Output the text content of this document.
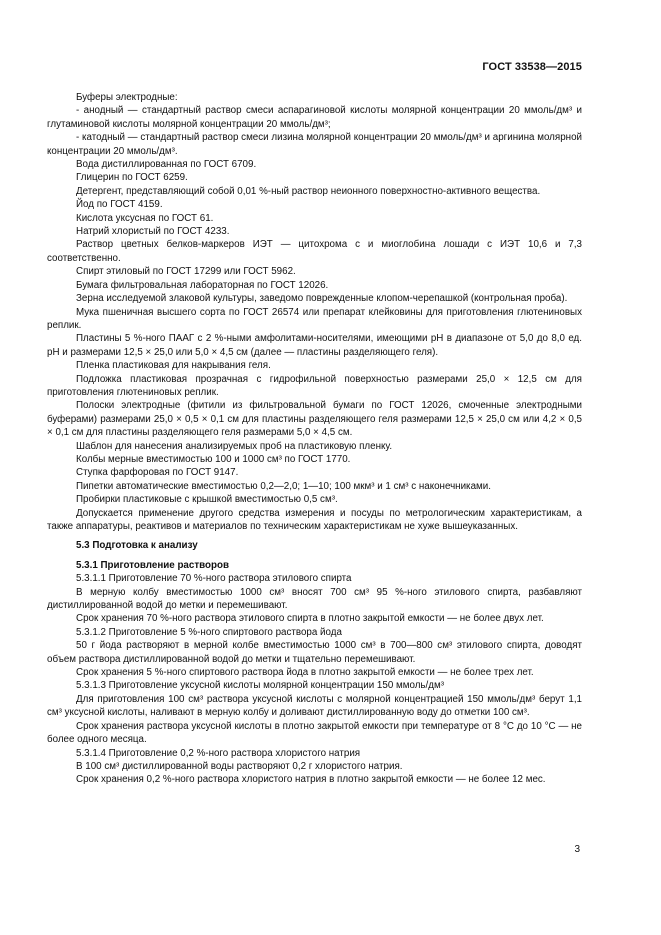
ГОСТ 33538—2015

Буферы электродные:

- анодный — стандартный раствор смеси аспарагиновой кислоты молярной концентрации 20 ммоль/дм³ и глутаминовой кислоты молярной концентрации 20 ммоль/дм³;

- катодный — стандартный раствор смеси лизина молярной концентрации 20 ммоль/дм³ и аргинина молярной концентрации 20 ммоль/дм³.

Вода дистиллированная по ГОСТ 6709.

Глицерин по ГОСТ 6259.

Детергент, представляющий собой 0,01 %-ный раствор неионного поверхностно-активного вещества.

Йод по ГОСТ 4159.

Кислота уксусная по ГОСТ 61.

Натрий хлористый по ГОСТ 4233.

Раствор цветных белков-маркеров ИЭТ — цитохрома c и миоглобина лошади c ИЭТ 10,6 и 7,3 соответственно.

Спирт этиловый по ГОСТ 17299 или ГОСТ 5962.

Бумага фильтровальная лабораторная по ГОСТ 12026.

Зерна исследуемой злаковой культуры, заведомо поврежденные клопом-черепашкой (контрольная проба).

Мука пшеничная высшего сорта по ГОСТ 26574 или препарат клейковины для приготовления глютениновых реплик.

Пластины 5 %-ного ПААГ с 2 %-ными амфолитами-носителями, имеющими pH в диапазоне от 5,0 до 8,0 ед. pH и размерами 12,5 × 25,0 или 5,0 × 4,5 см (далее — пластины разделяющего геля).

Пленка пластиковая для накрывания геля.

Подложка пластиковая прозрачная с гидрофильной поверхностью размерами 25,0 × 12,5 см для приготовления глютениновых реплик.

Полоски электродные (фитили из фильтровальной бумаги по ГОСТ 12026, смоченные электродными буферами) размерами 25,0 × 0,5 × 0,1 см для пластины разделяющего геля размерами 12,5 × 25,0 см или 4,2 × 0,5 × 0,1 см для пластины разделяющего геля размерами 5,0 × 4,5 см.

Шаблон для нанесения анализируемых проб на пластиковую пленку.

Колбы мерные вместимостью 100 и 1000 см³ по ГОСТ 1770.

Ступка фарфоровая по ГОСТ 9147.

Пипетки автоматические вместимостью 0,2—2,0; 1—10; 100 мкм³ и 1 см³ с наконечниками.

Пробирки пластиковые с крышкой вместимостью 0,5 см³.

Допускается применение другого средства измерения и посуды по метрологическим характеристикам, а также аппаратуры, реактивов и материалов по техническим характеристикам не хуже вышеуказанных.

5.3 Подготовка к анализу

5.3.1 Приготовление растворов

5.3.1.1 Приготовление 70 %-ного раствора этилового спирта

В мерную колбу вместимостью 1000 см³ вносят 700 см³ 95 %-ного этилового спирта, разбавляют дистиллированной водой до метки и перемешивают.

Срок хранения 70 %-ного раствора этилового спирта в плотно закрытой емкости — не более двух лет.

5.3.1.2 Приготовление 5 %-ного спиртового раствора йода

50 г йода растворяют в мерной колбе вместимостью 1000 см³ в 700—800 см³ этилового спирта, доводят объем раствора дистиллированной водой до метки и тщательно перемешивают.

Срок хранения 5 %-ного спиртового раствора йода в плотно закрытой емкости — не более трех лет.

5.3.1.3 Приготовление уксусной кислоты молярной концентрации 150 ммоль/дм³

Для приготовления 100 см³ раствора уксусной кислоты с молярной концентрацией 150 ммоль/дм³ берут 1,1 см³ уксусной кислоты, наливают в мерную колбу и доливают дистиллированную воду до отметки 100 см³.

Срок хранения раствора уксусной кислоты в плотно закрытой емкости при температуре от 8 °С до 10 °С — не более одного месяца.

5.3.1.4 Приготовление 0,2 %-ного раствора хлористого натрия

В 100 см³ дистиллированной воды растворяют 0,2 г хлористого натрия.

Срок хранения 0,2 %-ного раствора хлористого натрия в плотно закрытой емкости — не более 12 мес.

3
